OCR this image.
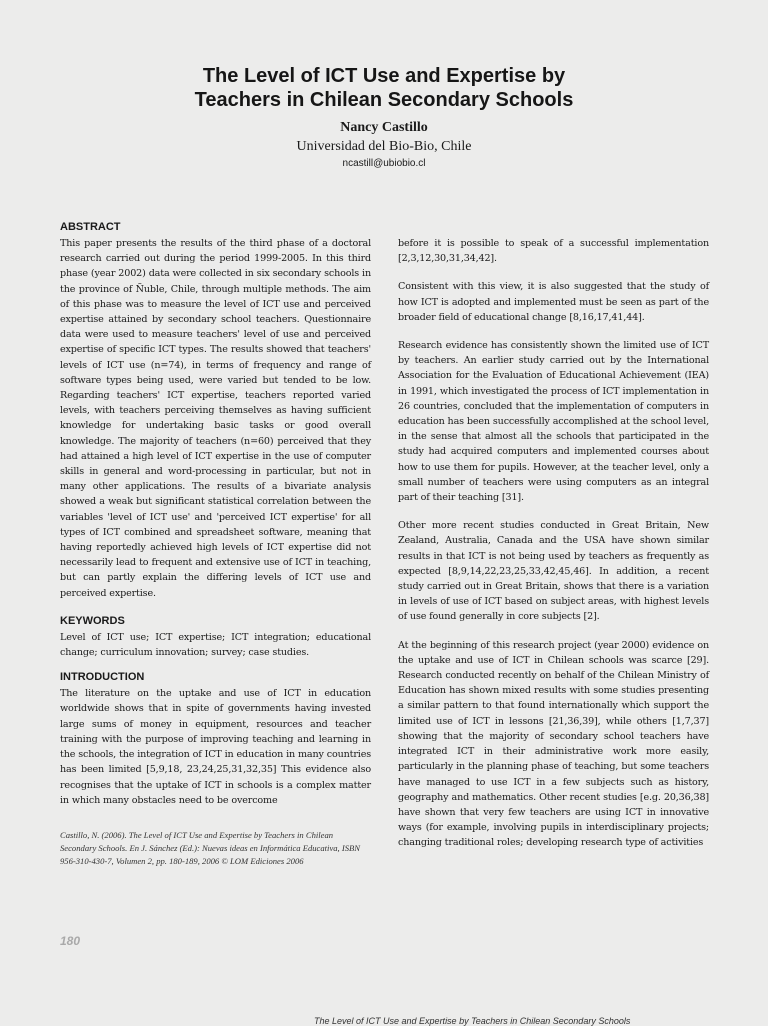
The Level of ICT Use and Expertise by
Teachers in Chilean Secondary Schools
Nancy Castillo
Universidad del Bio-Bio, Chile
ncastill@ubiobio.cl
ABSTRACT

This paper presents the results of the third phase of a doctoral research carried out during the period 1999-2005. In this third phase (year 2002) data were collected in six secondary schools in the province of Ñuble, Chile, through multiple methods. The aim of this phase was to measure the level of ICT use and perceived expertise attained by secondary school teachers. Questionnaire data were used to measure teachers' level of use and perceived expertise of specific ICT types. The results showed that teachers' levels of ICT use (n=74), in terms of frequency and range of software types being used, were varied but tended to be low. Regarding teachers' ICT expertise, teachers reported varied levels, with teachers perceiving themselves as having sufficient knowledge for undertaking basic tasks or good overall knowledge. The majority of teachers (n=60) perceived that they had attained a high level of ICT expertise in the use of computer skills in general and word-processing in particular, but not in many other applications. The results of a bivariate analysis showed a weak but significant statistical correlation between the variables 'level of ICT use' and 'perceived ICT expertise' for all types of ICT combined and spreadsheet software, meaning that having reportedly achieved high levels of ICT expertise did not necessarily lead to frequent and extensive use of ICT in teaching, but can partly explain the differing levels of ICT use and perceived expertise.

KEYWORDS

Level of ICT use; ICT expertise; ICT integration; educational change; curriculum innovation; survey; case studies.

INTRODUCTION

The literature on the uptake and use of ICT in education worldwide shows that in spite of governments having invested large sums of money in equipment, resources and teacher training with the purpose of improving teaching and learning in the schools, the integration of ICT in education in many countries has been limited [5,9,18, 23,24,25,31,32,35] This evidence also recognises that the uptake of ICT in schools is a complex matter in which many obstacles need to be overcome

Castillo, N. (2006). The Level of ICT Use and Expertise by Teachers in Chilean Secondary Schools. En J. Sánchez (Ed.): Nuevas ideas en Informática Educativa, ISBN 956-310-430-7, Volumen 2, pp. 180-189, 2006 © LOM Ediciones 2006

before it is possible to speak of a successful implementation [2,3,12,30,31,34,42].

Consistent with this view, it is also suggested that the study of how ICT is adopted and implemented must be seen as part of the broader field of educational change [8,16,17,41,44].

Research evidence has consistently shown the limited use of ICT by teachers. An earlier study carried out by the International Association for the Evaluation of Educational Achievement (IEA) in 1991, which investigated the process of ICT implementation in 26 countries, concluded that the implementation of computers in education has been successfully accomplished at the school level, in the sense that almost all the schools that participated in the study had acquired computers and implemented courses about how to use them for pupils. However, at the teacher level, only a small number of teachers were using computers as an integral part of their teaching [31].

Other more recent studies conducted in Great Britain, New Zealand, Australia, Canada and the USA have shown similar results in that ICT is not being used by teachers as frequently as expected [8,9,14,22,23,25,33,42,45,46]. In addition, a recent study carried out in Great Britain, shows that there is a variation in levels of use of ICT based on subject areas, with highest levels of use found generally in core subjects [2].

At the beginning of this research project (year 2000) evidence on the uptake and use of ICT in Chilean schools was scarce [29]. Research conducted recently on behalf of the Chilean Ministry of Education has shown mixed results with some studies presenting a similar pattern to that found internationally which support the limited use of ICT in lessons [21,36,39], while others [1,7,37] showing that the majority of secondary school teachers have integrated ICT in their administrative work more easily, particularly in the planning phase of teaching, but some teachers have managed to use ICT in a few subjects such as history, geography and mathematics. Other recent studies [e.g. 20,36,38] have shown that very few teachers are using ICT in innovative ways (for example, involving pupils in interdisciplinary projects; changing traditional roles; developing research type of activities

180
The Level of ICT Use and Expertise by Teachers in Chilean Secondary Schools
